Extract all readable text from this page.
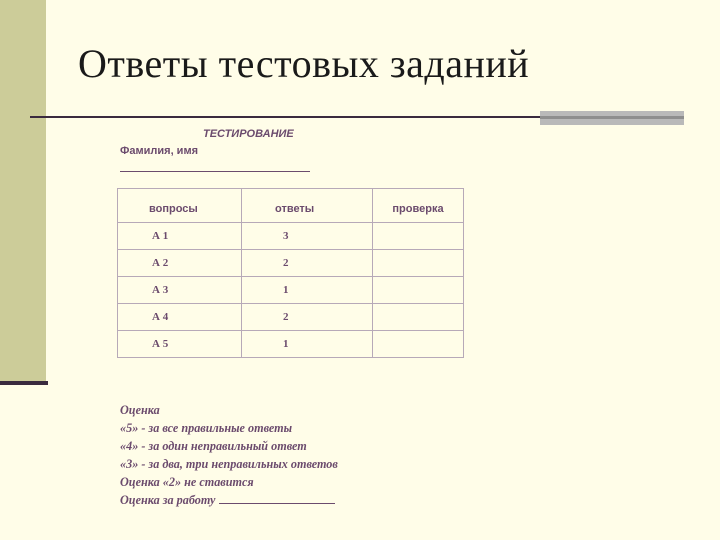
Ответы тестовых заданий
ТЕСТИРОВАНИЕ
Фамилия, имя
вопросы	ответы	проверка
А 1	3	
А 2	2	
А 3	1	
А 4	2	
А 5	1	
Оценка
«5» - за все правильные ответы
«4» - за один неправильный ответ
«3» - за два, три неправильных ответов
Оценка «2» не ставится
Оценка за работу
